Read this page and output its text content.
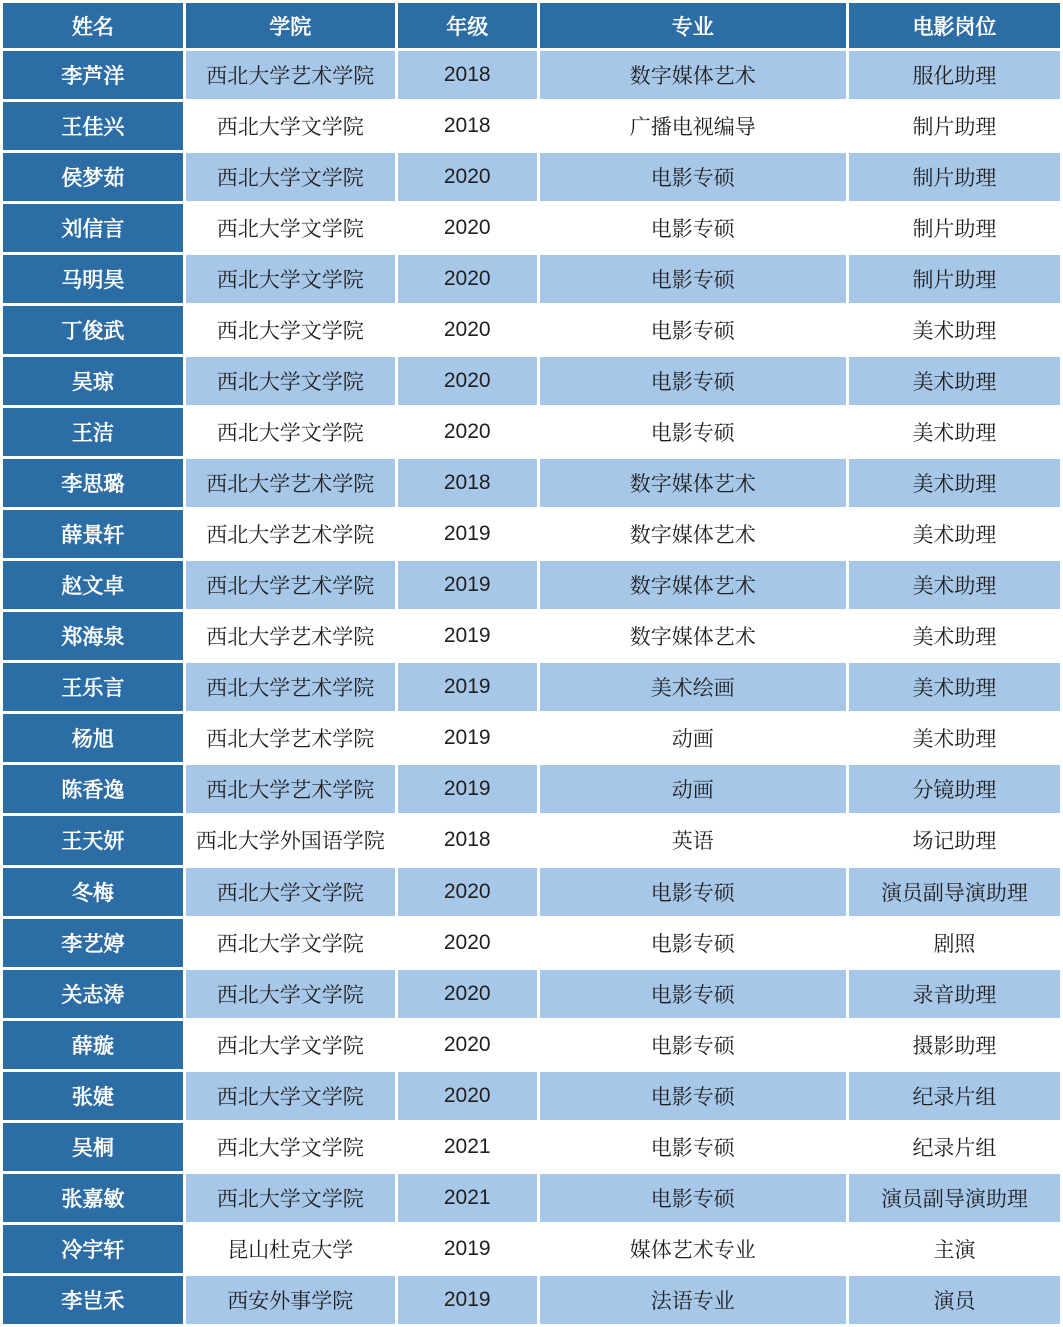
姓名	学院	年级	专业	电影岗位
李芦洋	西北大学艺术学院	2018	数字媒体艺术	服化助理
王佳兴	西北大学文学院	2018	广播电视编导	制片助理
侯梦茹	西北大学文学院	2020	电影专硕	制片助理
刘信言	西北大学文学院	2020	电影专硕	制片助理
马明昊	西北大学文学院	2020	电影专硕	制片助理
丁俊武	西北大学文学院	2020	电影专硕	美术助理
吴琼	西北大学文学院	2020	电影专硕	美术助理
王洁	西北大学文学院	2020	电影专硕	美术助理
李思璐	西北大学艺术学院	2018	数字媒体艺术	美术助理
薛景轩	西北大学艺术学院	2019	数字媒体艺术	美术助理
赵文卓	西北大学艺术学院	2019	数字媒体艺术	美术助理
郑海泉	西北大学艺术学院	2019	数字媒体艺术	美术助理
王乐言	西北大学艺术学院	2019	美术绘画	美术助理
杨旭	西北大学艺术学院	2019	动画	美术助理
陈香逸	西北大学艺术学院	2019	动画	分镜助理
王天妍	西北大学外国语学院	2018	英语	场记助理
冬梅	西北大学文学院	2020	电影专硕	演员副导演助理
李艺婷	西北大学文学院	2020	电影专硕	剧照
关志涛	西北大学文学院	2020	电影专硕	录音助理
薛璇	西北大学文学院	2020	电影专硕	摄影助理
张婕	西北大学文学院	2020	电影专硕	纪录片组
吴桐	西北大学文学院	2021	电影专硕	纪录片组
张嘉敏	西北大学文学院	2021	电影专硕	演员副导演助理
冷宇轩	昆山杜克大学	2019	媒体艺术专业	主演
李岂禾	西安外事学院	2019	法语专业	演员
